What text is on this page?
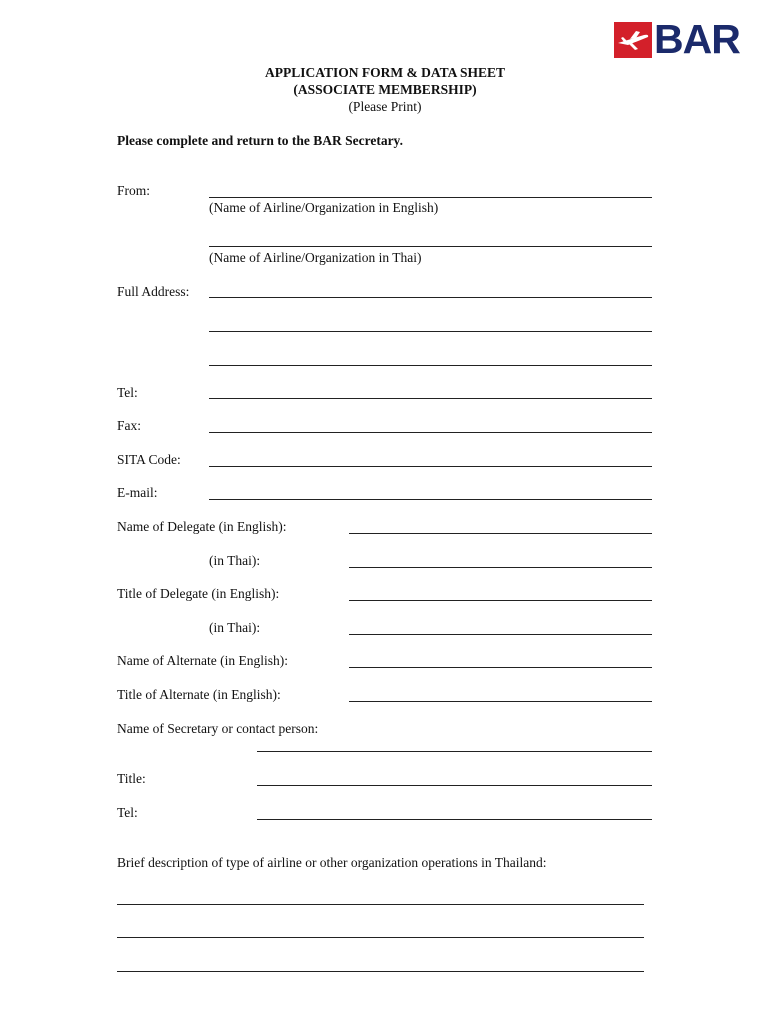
BAR
APPLICATION FORM & DATA SHEET
(ASSOCIATE MEMBERSHIP)
(Please Print)
Please complete and return to the BAR Secretary.
From:
(Name of Airline/Organization in English)
(Name of Airline/Organization in Thai)
Full Address:
Tel:
Fax:
SITA Code:
E-mail:
Name of Delegate (in English):
(in Thai):
Title of Delegate (in English):
(in Thai):
Name of Alternate (in English):
Title of Alternate (in English):
Name of Secretary or contact person:
Title:
Tel:
Brief description of type of airline or other organization operations in Thailand:
